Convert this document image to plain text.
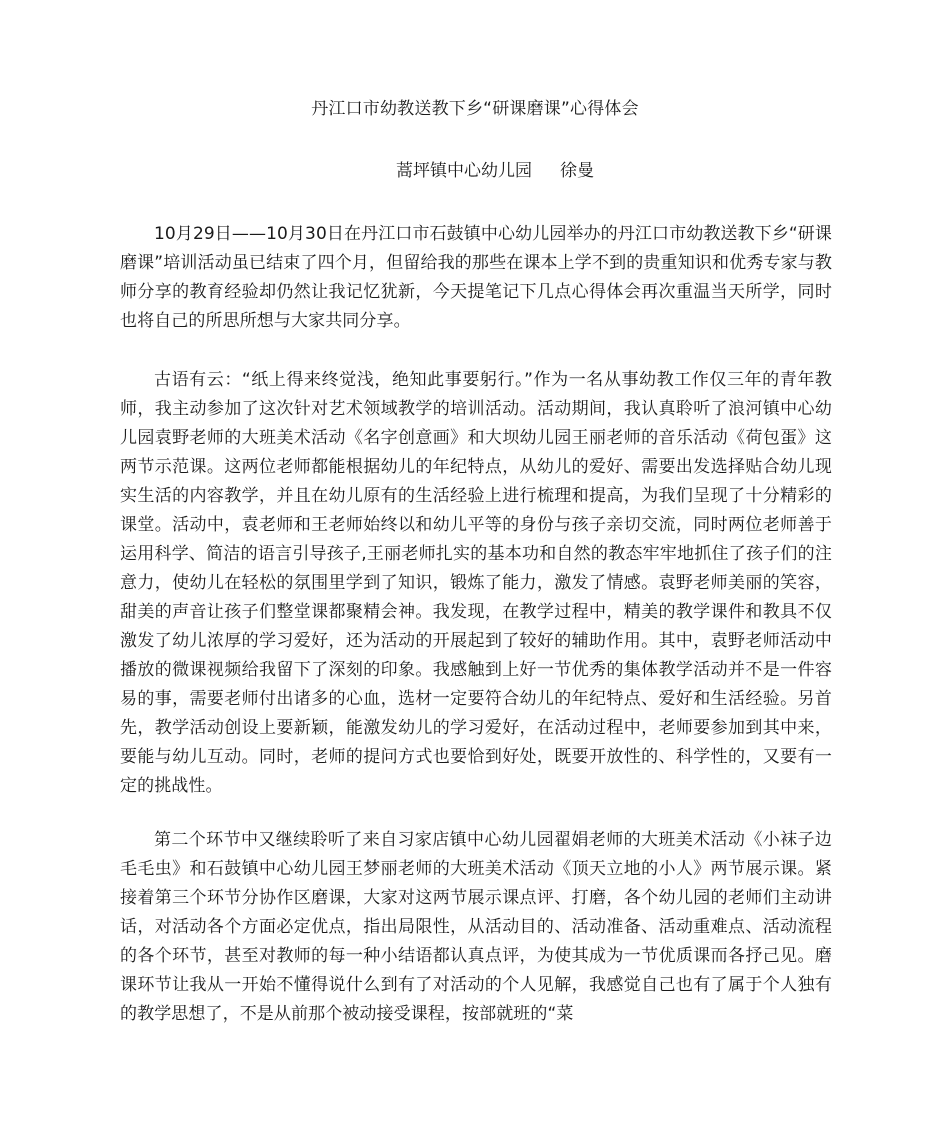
丹江口市幼教送教下乡“研课磨课”心得体会
蒿坪镇中心幼儿园 徐曼

10月29日——10月30日在丹江口市石鼓镇中心幼儿园举办的丹江口市幼教送教下乡“研课磨课”培训活动虽已结束了四个月，但留给我的那些在课本上学不到的贵重知识和优秀专家与教师分享的教育经验却仍然让我记忆犹新，今天提笔记下几点心得体会再次重温当天所学，同时也将自己的所思所想与大家共同分享。

古语有云：“纸上得来终觉浅，绝知此事要躬行。”作为一名从事幼教工作仅三年的青年教师，我主动参加了这次针对艺术领域教学的培训活动。活动期间，我认真聆听了浪河镇中心幼儿园袁野老师的大班美术活动《名字创意画》和大坝幼儿园王丽老师的音乐活动《荷包蛋》这两节示范课。这两位老师都能根据幼儿的年纪特点，从幼儿的爱好、需要出发选择贴合幼儿现实生活的内容教学，并且在幼儿原有的生活经验上进行梳理和提高，为我们呈现了十分精彩的课堂。活动中，袁老师和王老师始终以和幼儿平等的身份与孩子亲切交流，同时两位老师善于运用科学、简洁的语言引导孩子,王丽老师扎实的基本功和自然的教态牢牢地抓住了孩子们的注意力，使幼儿在轻松的氛围里学到了知识，锻炼了能力，激发了情感。袁野老师美丽的笑容，甜美的声音让孩子们整堂课都聚精会神。我发现，在教学过程中，精美的教学课件和教具不仅激发了幼儿浓厚的学习爱好，还为活动的开展起到了较好的辅助作用。其中，袁野老师活动中播放的微课视频给我留下了深刻的印象。我感触到上好一节优秀的集体教学活动并不是一件容易的事，需要老师付出诸多的心血，选材一定要符合幼儿的年纪特点、爱好和生活经验。另首先，教学活动创设上要新颖，能激发幼儿的学习爱好，在活动过程中，老师要参加到其中来，要能与幼儿互动。同时，老师的提问方式也要恰到好处，既要开放性的、科学性的，又要有一定的挑战性。

第二个环节中又继续聆听了来自习家店镇中心幼儿园翟娟老师的大班美术活动《小袜子边毛毛虫》和石鼓镇中心幼儿园王梦丽老师的大班美术活动《顶天立地的小人》两节展示课。紧接着第三个环节分协作区磨课，大家对这两节展示课点评、打磨，各个幼儿园的老师们主动讲话，对活动各个方面必定优点，指出局限性，从活动目的、活动准备、活动重难点、活动流程的各个环节，甚至对教师的每一种小结语都认真点评，为使其成为一节优质课而各抒己见。磨课环节让我从一开始不懂得说什么到有了对活动的个人见解，我感觉自己也有了属于个人独有的教学思想了，不是从前那个被动接受课程，按部就班的“菜
